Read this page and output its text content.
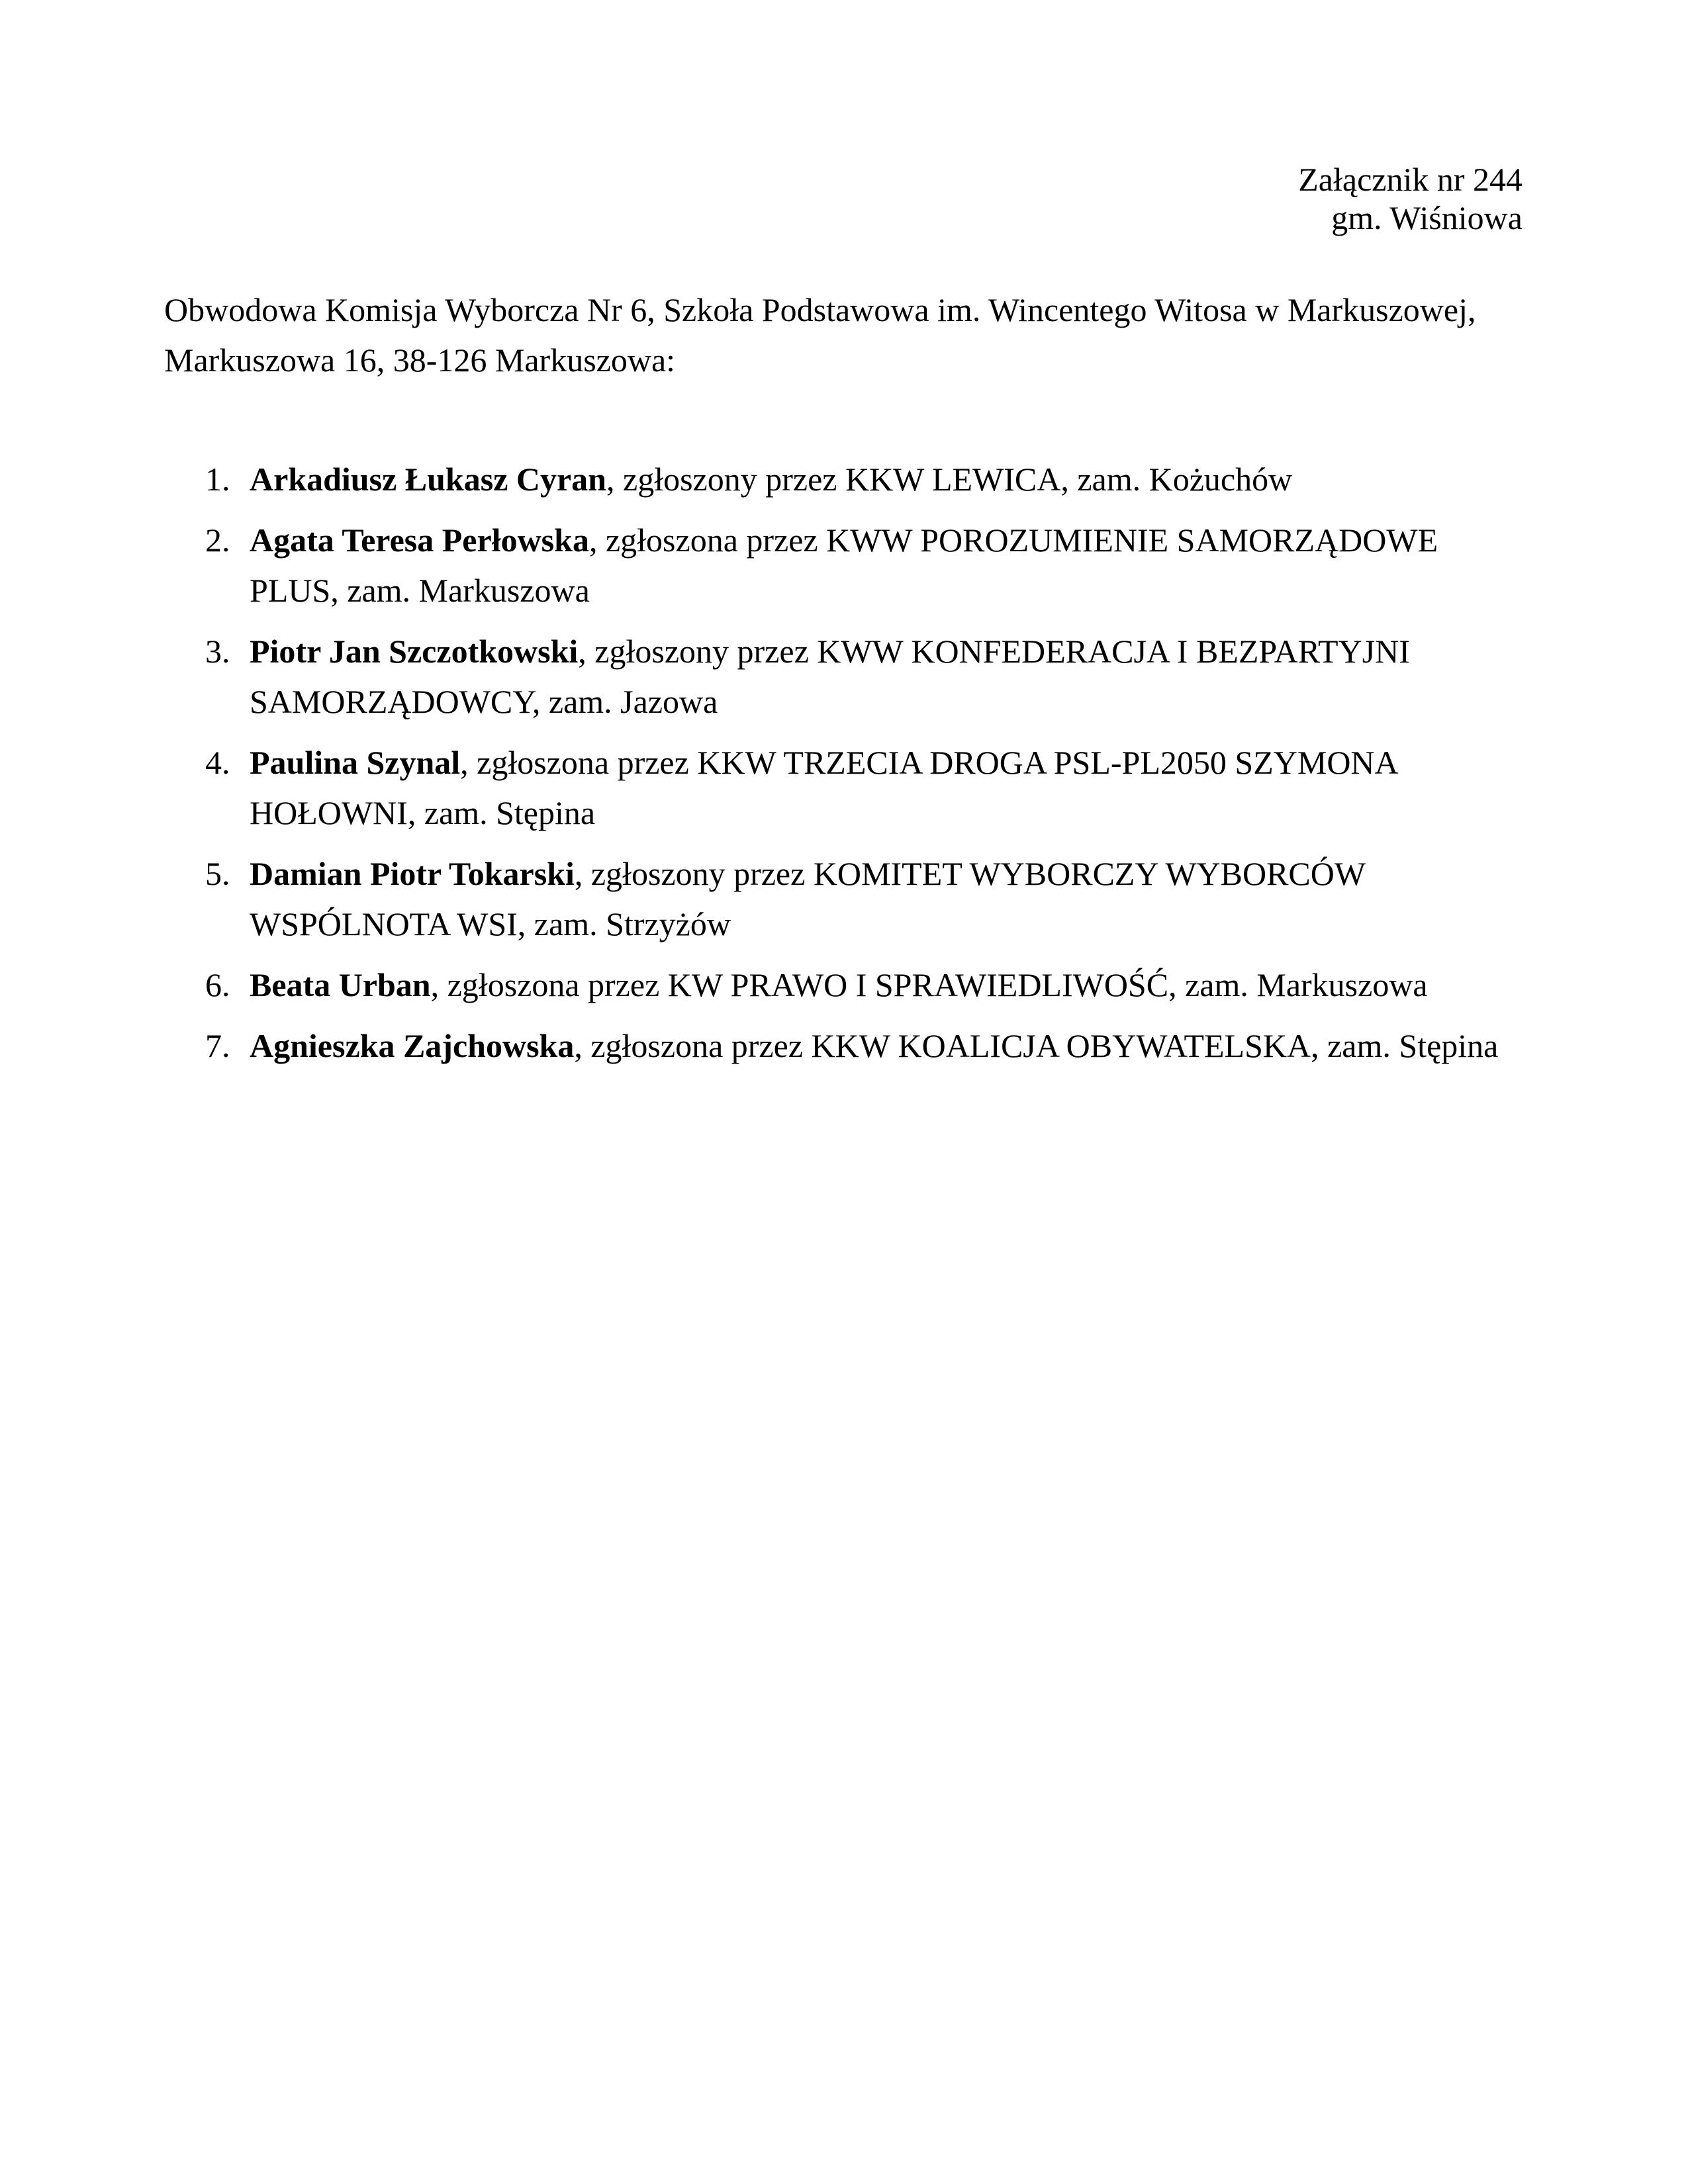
Załącznik nr 244
gm. Wiśniowa

Obwodowa Komisja Wyborcza Nr 6, Szkoła Podstawowa im. Wincentego Witosa w Markuszowej, Markuszowa 16, 38-126 Markuszowa:

1. Arkadiusz Łukasz Cyran, zgłoszony przez KKW LEWICA, zam. Kożuchów
2. Agata Teresa Perłowska, zgłoszona przez KWW POROZUMIENIE SAMORZĄDOWE PLUS, zam. Markuszowa
3. Piotr Jan Szczotkowski, zgłoszony przez KWW KONFEDERACJA I BEZPARTYJNI SAMORZĄDOWCY, zam. Jazowa
4. Paulina Szynal, zgłoszona przez KKW TRZECIA DROGA PSL-PL2050 SZYMONA HOŁOWNI, zam. Stępina
5. Damian Piotr Tokarski, zgłoszony przez KOMITET WYBORCZY WYBORCÓW WSPÓLNOTA WSI, zam. Strzyżów
6. Beata Urban, zgłoszona przez KW PRAWO I SPRAWIEDLIWOŚĆ, zam. Markuszowa
7. Agnieszka Zajchowska, zgłoszona przez KKW KOALICJA OBYWATELSKA, zam. Stępina
